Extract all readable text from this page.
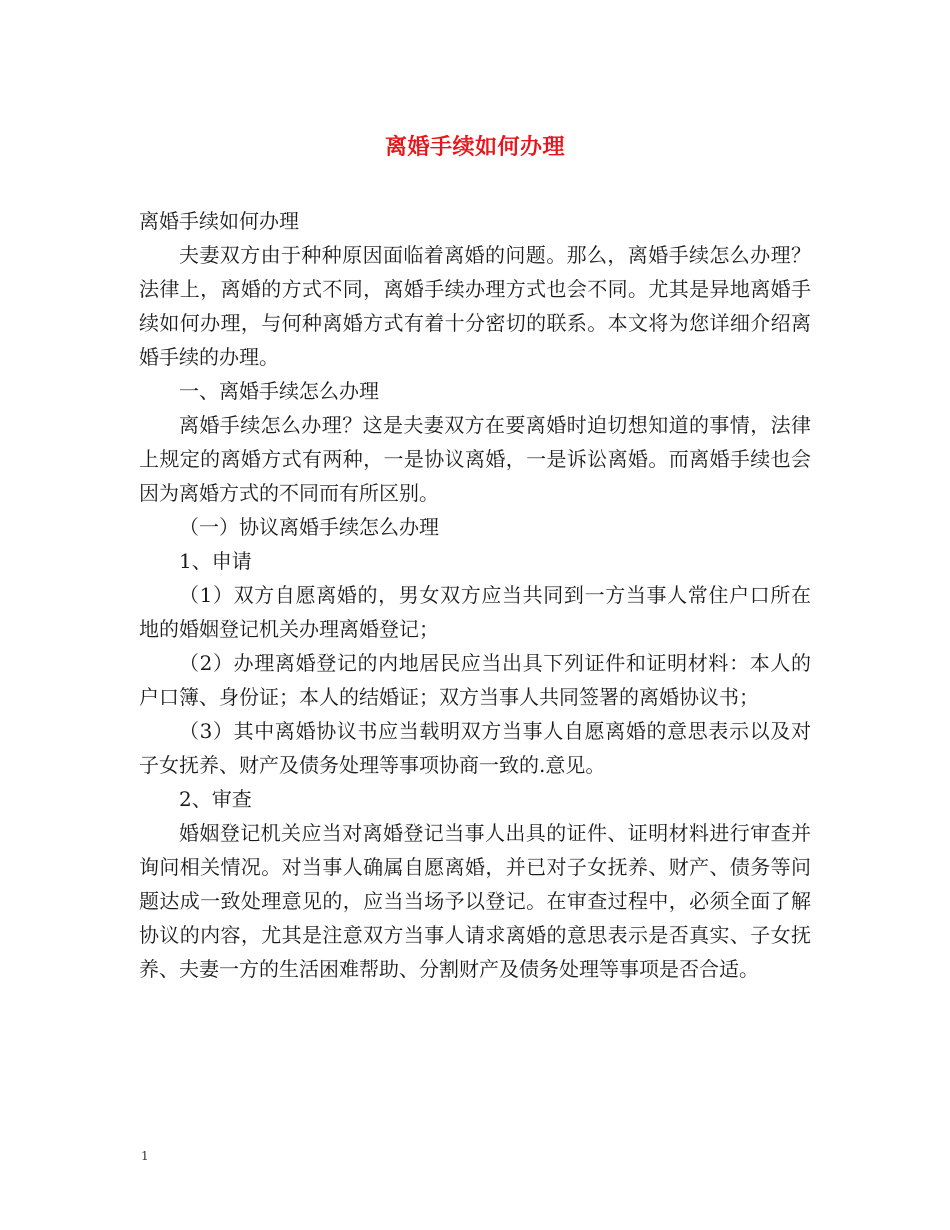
离婚手续如何办理

离婚手续如何办理

夫妻双方由于种种原因面临着离婚的问题。那么，离婚手续怎么办理？法律上，离婚的方式不同，离婚手续办理方式也会不同。尤其是异地离婚手续如何办理，与何种离婚方式有着十分密切的联系。本文将为您详细介绍离婚手续的办理。

一、离婚手续怎么办理

离婚手续怎么办理？这是夫妻双方在要离婚时迫切想知道的事情，法律上规定的离婚方式有两种，一是协议离婚，一是诉讼离婚。而离婚手续也会因为离婚方式的不同而有所区别。

（一）协议离婚手续怎么办理

1、申请

（1）双方自愿离婚的，男女双方应当共同到一方当事人常住户口所在地的婚姻登记机关办理离婚登记；

（2）办理离婚登记的内地居民应当出具下列证件和证明材料：本人的户口簿、身份证；本人的结婚证；双方当事人共同签署的离婚协议书；

（3）其中离婚协议书应当载明双方当事人自愿离婚的意思表示以及对子女抚养、财产及债务处理等事项协商一致的.意见。

2、审查

婚姻登记机关应当对离婚登记当事人出具的证件、证明材料进行审查并询问相关情况。对当事人确属自愿离婚，并已对子女抚养、财产、债务等问题达成一致处理意见的，应当当场予以登记。在审查过程中，必须全面了解协议的内容，尤其是注意双方当事人请求离婚的意思表示是否真实、子女抚养、夫妻一方的生活困难帮助、分割财产及债务处理等事项是否合适。

1
